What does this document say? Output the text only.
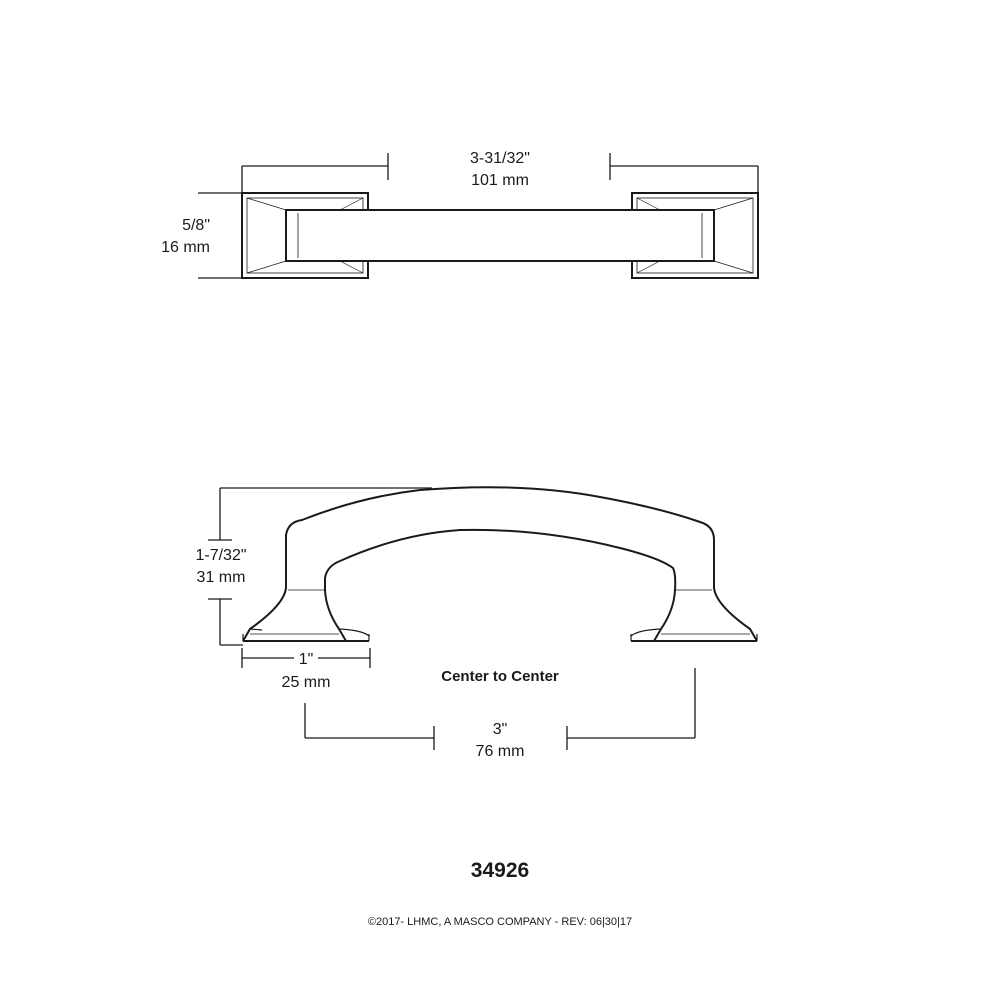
3-31/32"
101 mm
5/8"
16 mm
1-7/32"
31 mm
1"
25 mm	Center to Center
3"
76 mm
34926
©2017- LHMC, A MASCO COMPANY - REV: 06|30|17
